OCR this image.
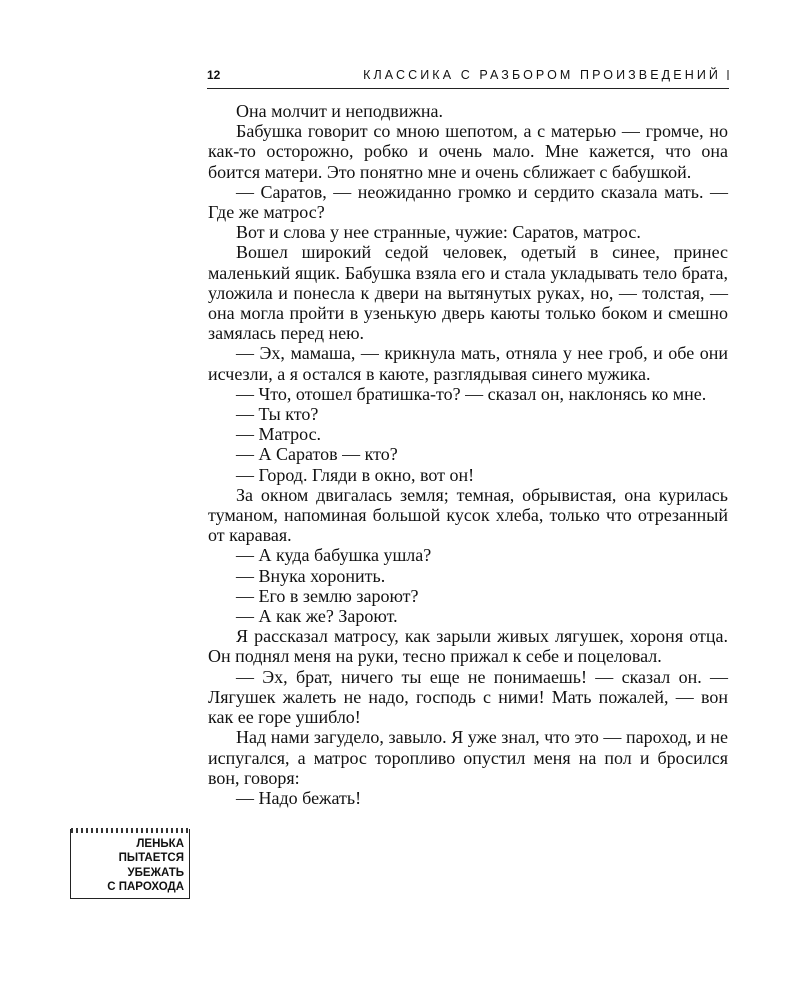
12	КЛАССИКА С РАЗБОРОМ ПРОИЗВЕДЕНИЙ

Она молчит и неподвижна.

Бабушка говорит со мною шепотом, а с матерью — громче, но как-то осторожно, робко и очень мало. Мне кажется, что она боится матери. Это понятно мне и очень сближает с бабушкой.

— Саратов, — неожиданно громко и сердито сказала мать. — Где же матрос?

Вот и слова у нее странные, чужие: Саратов, матрос.

Вошел широкий седой человек, одетый в синее, принес маленький ящик. Бабушка взяла его и стала укладывать тело брата, уложила и понесла к двери на вытянутых руках, но, — толстая, — она могла пройти в узенькую дверь каюты только боком и смешно замялась перед нею.

— Эх, мамаша, — крикнула мать, отняла у нее гроб, и обе они исчезли, а я остался в каюте, разглядывая синего мужика.

— Что, отошел братишка-то? — сказал он, наклонясь ко мне.

— Ты кто?

— Матрос.

— А Саратов — кто?

— Город. Гляди в окно, вот он!

За окном двигалась земля; темная, обрывистая, она курилась туманом, напоминая большой кусок хлеба, только что отрезанный от каравая.

— А куда бабушка ушла?

— Внука хоронить.

— Его в землю зароют?

— А как же? Зароют.

Я рассказал матросу, как зарыли живых лягушек, хороня отца. Он поднял меня на руки, тесно прижал к себе и поцеловал.

— Эх, брат, ничего ты еще не понимаешь! — сказал он. — Лягушек жалеть не надо, господь с ними! Мать пожалей, — вон как ее горе ушибло!

Над нами загудело, завыло. Я уже знал, что это — пароход, и не испугался, а матрос торопливо опустил меня на пол и бросился вон, говоря:

— Надо бежать!

ЛЕНЬКА
ПЫТАЕТСЯ
УБЕЖАТЬ
С ПАРОХОДА
